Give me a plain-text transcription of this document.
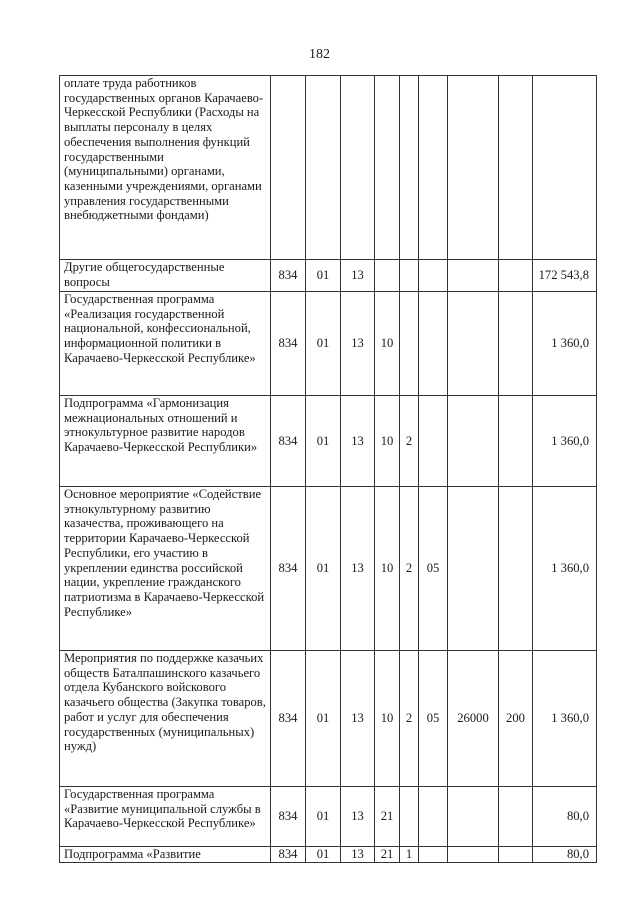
182
оплате труда работников государственных органов Карачаево-Черкесской Республики (Расходы на выплаты персоналу в целях обеспечения выполнения функций государственными (муниципальными) органами, казенными учреждениями, органами управления государственными внебюджетными фондами)									
Другие общегосударственные вопросы	834	01	13						172 543,8
Государственная программа «Реализация государственной национальной, конфессиональной, информационной политики в Карачаево-Черкесской Республике»	834	01	13	10					1 360,0
Подпрограмма «Гармонизация межнациональных отношений и этнокультурное развитие народов Карачаево-Черкесской Республики»	834	01	13	10	2				1 360,0
Основное мероприятие «Содействие этнокультурному развитию казачества, проживающего на территории Карачаево-Черкесской Республики, его участию в укреплении единства российской нации, укрепление гражданского патриотизма в Карачаево-Черкесской Республике»	834	01	13	10	2	05			1 360,0
Мероприятия по поддержке казачьих обществ Баталпашинского казачьего отдела Кубанского войскового казачьего общества (Закупка товаров, работ и услуг для обеспечения государственных (муниципальных) нужд)	834	01	13	10	2	05	26000	200	1 360,0
Государственная программа «Развитие муниципальной службы в Карачаево-Черкесской Республике»	834	01	13	21					80,0
Подпрограмма «Развитие	834	01	13	21	1				80,0
